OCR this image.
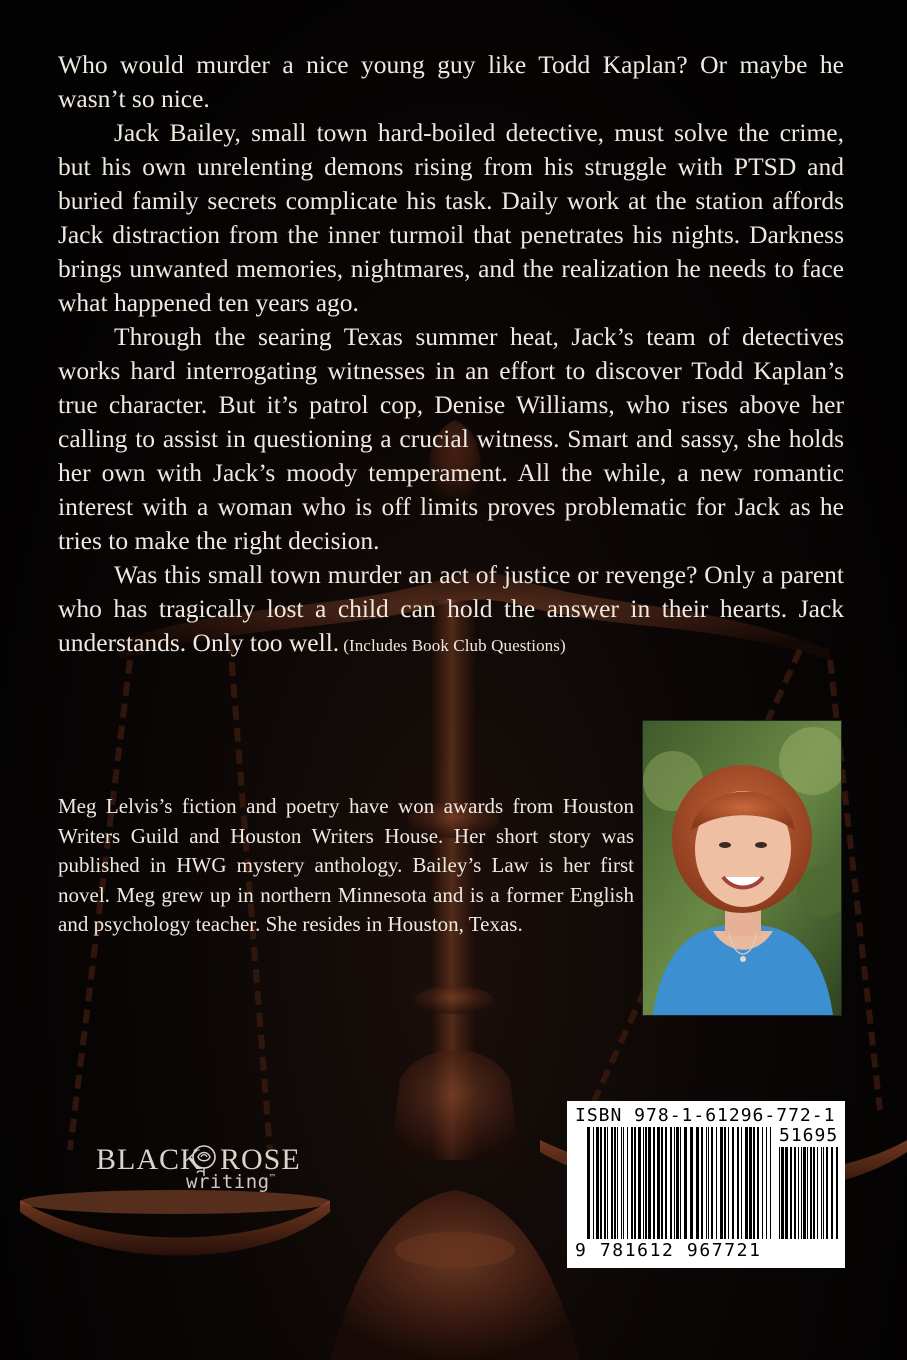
Who would murder a nice young guy like Todd Kaplan? Or maybe he wasn’t so nice.

Jack Bailey, small town hard-boiled detective, must solve the crime, but his own unrelenting demons rising from his struggle with PTSD and buried family secrets complicate his task. Daily work at the station affords Jack distraction from the inner turmoil that penetrates his nights. Darkness brings unwanted memories, nightmares, and the realization he needs to face what happened ten years ago.

Through the searing Texas summer heat, Jack’s team of detectives works hard interrogating witnesses in an effort to discover Todd Kaplan’s true character. But it’s patrol cop, Denise Williams, who rises above her calling to assist in questioning a crucial witness. Smart and sassy, she holds her own with Jack’s moody temperament. All the while, a new romantic interest with a woman who is off limits proves problematic for Jack as he tries to make the right decision.

Was this small town murder an act of justice or revenge? Only a parent who has tragically lost a child can hold the answer in their hearts. Jack understands. Only too well. (Includes Book Club Questions)

Meg Lelvis’s fiction and poetry have won awards from Houston Writers Guild and Houston Writers House. Her short story was published in HWG mystery anthology. Bailey’s Law is her first novel. Meg grew up in northern Minnesota and is a former English and psychology teacher. She resides in Houston, Texas.
BLACK ROSE
writing™
ISBN 978-1-61296-772-1
51695
9 781612 967721
